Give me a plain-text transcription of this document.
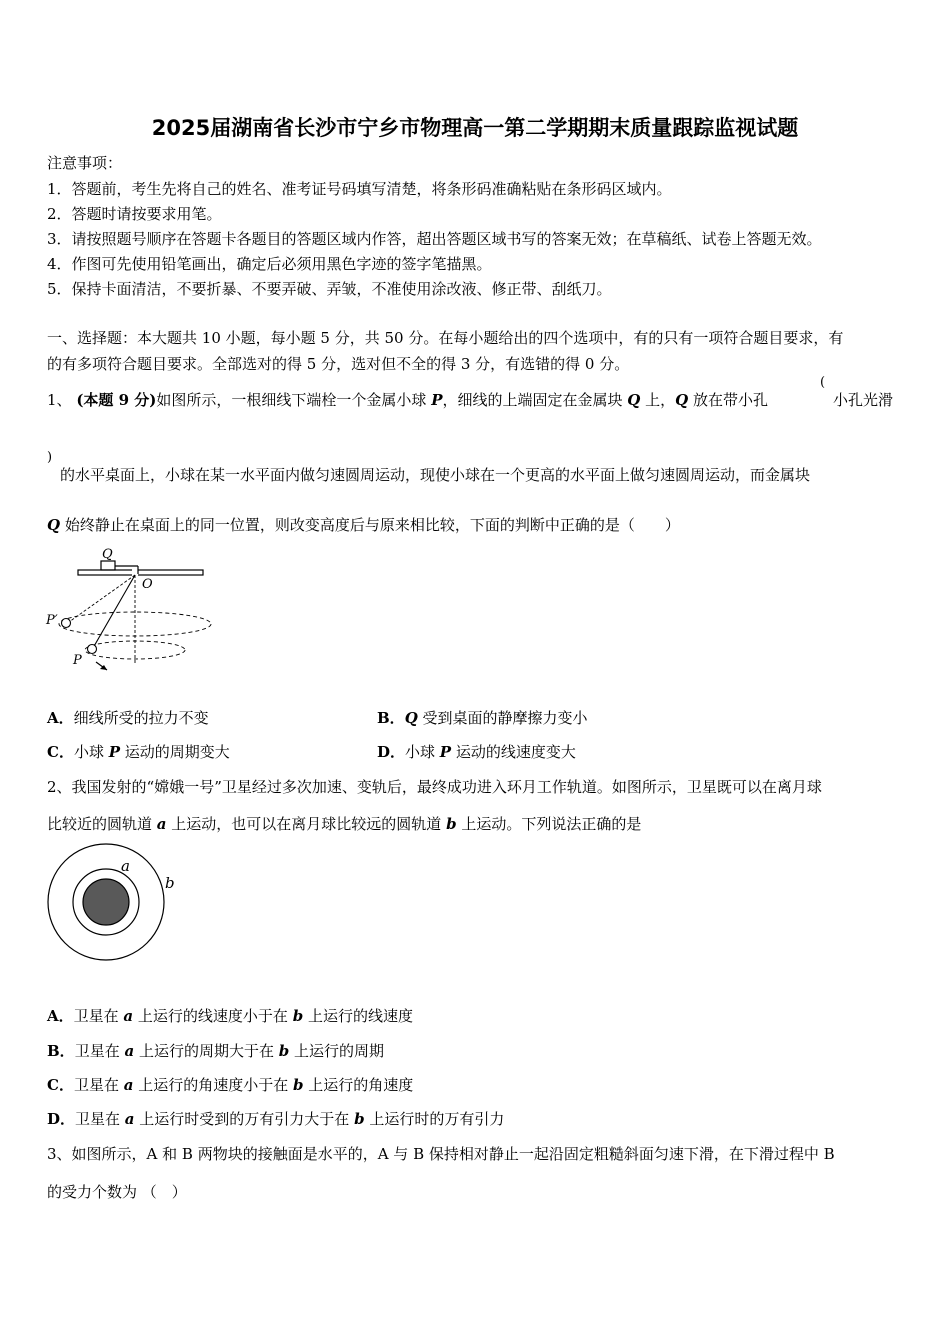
2025届湖南省长沙市宁乡市物理高一第二学期期末质量跟踪监视试题
注意事项：
1．答题前，考生先将自己的姓名、准考证号码填写清楚，将条形码准确粘贴在条形码区域内。
2．答题时请按要求用笔。
3．请按照题号顺序在答题卡各题目的答题区域内作答，超出答题区域书写的答案无效；在草稿纸、试卷上答题无效。
4．作图可先使用铅笔画出，确定后必须用黑色字迹的签字笔描黑。
5．保持卡面清洁，不要折暴、不要弄破、弄皱，不准使用涂改液、修正带、刮纸刀。
一、选择题：本大题共 10 小题，每小题 5 分，共 50 分。在每小题给出的四个选项中，有的只有一项符合题目要求，有
的有多项符合题目要求。全部选对的得 5 分，选对但不全的得 3 分，有选错的得 0 分。
1、 (本题 9 分)如图所示，一根细线下端栓一个金属小球 P，细线的上端固定在金属块 Q 上，Q 放在带小孔
(
小孔光滑
)
的水平桌面上，小球在某一水平面内做匀速圆周运动，现使小球在一个更高的水平面上做匀速圆周运动，而金属块
Q 始终静止在桌面上的同一位置，则改变高度后与原来相比较，下面的判断中正确的是（　　）
Q
O
P′
P
A．细线所受的拉力不变	B．Q 受到桌面的静摩擦力变小
C．小球 P 运动的周期变大	D．小球 P 运动的线速度变大
2、我国发射的“嫦娥一号”卫星经过多次加速、变轨后，最终成功进入环月工作轨道。如图所示，卫星既可以在离月球
比较近的圆轨道 a 上运动，也可以在离月球比较远的圆轨道 b 上运动。下列说法正确的是
a
b
A．卫星在 a 上运行的线速度小于在 b 上运行的线速度
B．卫星在 a 上运行的周期大于在 b 上运行的周期
C．卫星在 a 上运行的角速度小于在 b 上运行的角速度
D．卫星在 a 上运行时受到的万有引力大于在 b 上运行时的万有引力
3、如图所示，A 和 B 两物块的接触面是水平的，A 与 B 保持相对静止一起沿固定粗糙斜面匀速下滑，在下滑过程中 B
的受力个数为 （　）
